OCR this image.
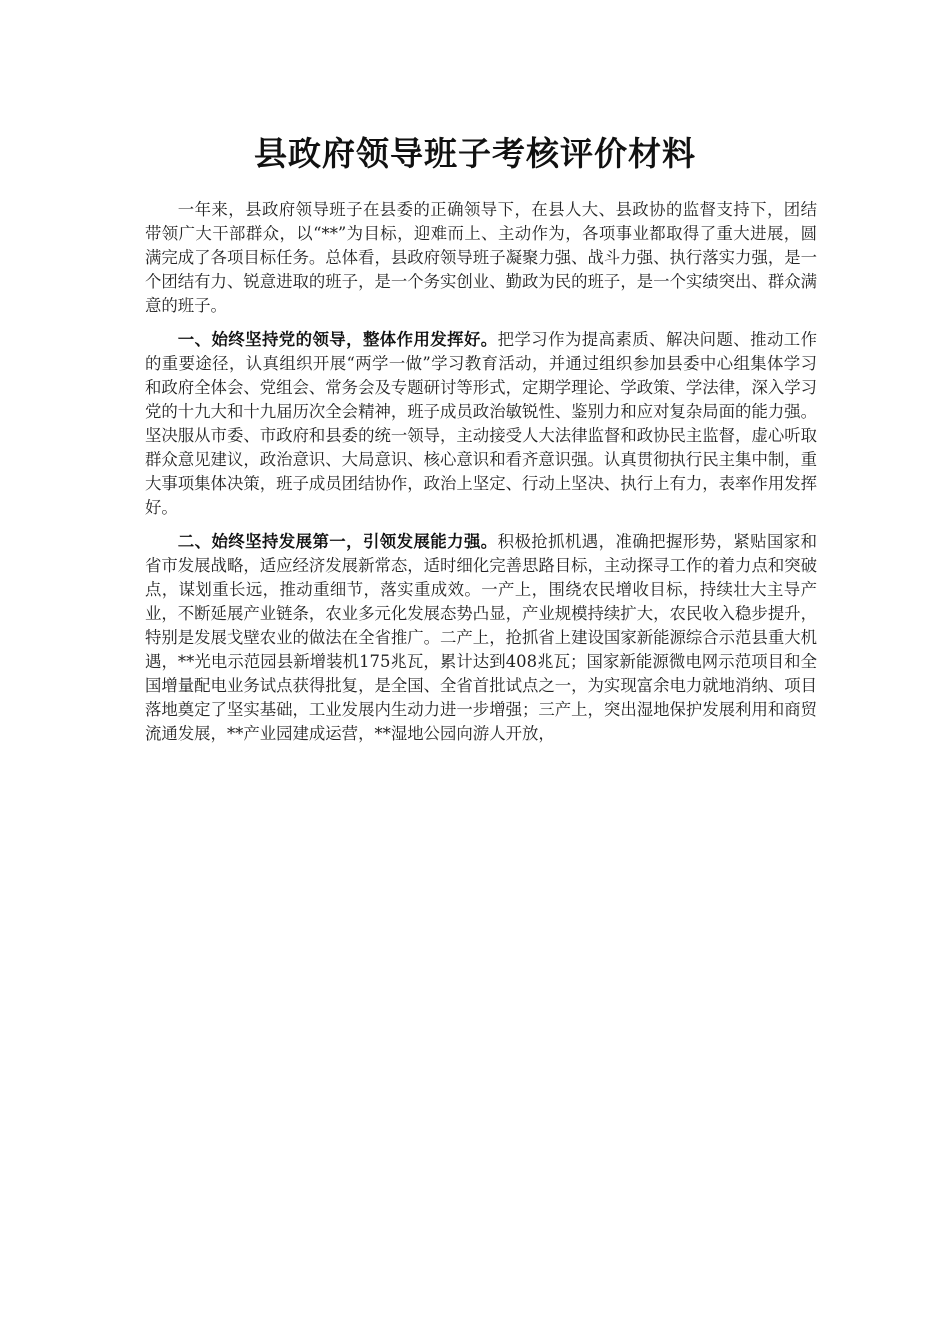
县政府领导班子考核评价材料

一年来，县政府领导班子在县委的正确领导下，在县人大、县政协的监督支持下，团结带领广大干部群众，以“**”为目标，迎难而上、主动作为，各项事业都取得了重大进展，圆满完成了各项目标任务。总体看，县政府领导班子凝聚力强、战斗力强、执行落实力强，是一个团结有力、锐意进取的班子，是一个务实创业、勤政为民的班子，是一个实绩突出、群众满意的班子。

一、始终坚持党的领导，整体作用发挥好。把学习作为提高素质、解决问题、推动工作的重要途径，认真组织开展“两学一做”学习教育活动，并通过组织参加县委中心组集体学习和政府全体会、党组会、常务会及专题研讨等形式，定期学理论、学政策、学法律，深入学习党的十九大和十九届历次全会精神，班子成员政治敏锐性、鉴别力和应对复杂局面的能力强。坚决服从市委、市政府和县委的统一领导，主动接受人大法律监督和政协民主监督，虚心听取群众意见建议，政治意识、大局意识、核心意识和看齐意识强。认真贯彻执行民主集中制，重大事项集体决策，班子成员团结协作，政治上坚定、行动上坚决、执行上有力，表率作用发挥好。

二、始终坚持发展第一，引领发展能力强。积极抢抓机遇，准确把握形势，紧贴国家和省市发展战略，适应经济发展新常态，适时细化完善思路目标，主动探寻工作的着力点和突破点，谋划重长远，推动重细节，落实重成效。一产上，围绕农民增收目标，持续壮大主导产业，不断延展产业链条，农业多元化发展态势凸显，产业规模持续扩大，农民收入稳步提升，特别是发展戈壁农业的做法在全省推广。二产上，抢抓省上建设国家新能源综合示范县重大机遇，**光电示范园县新增装机175兆瓦，累计达到408兆瓦；国家新能源微电网示范项目和全国增量配电业务试点获得批复，是全国、全省首批试点之一，为实现富余电力就地消纳、项目落地奠定了坚实基础，工业发展内生动力进一步增强；三产上，突出湿地保护发展利用和商贸流通发展，**产业园建成运营，**湿地公园向游人开放，
